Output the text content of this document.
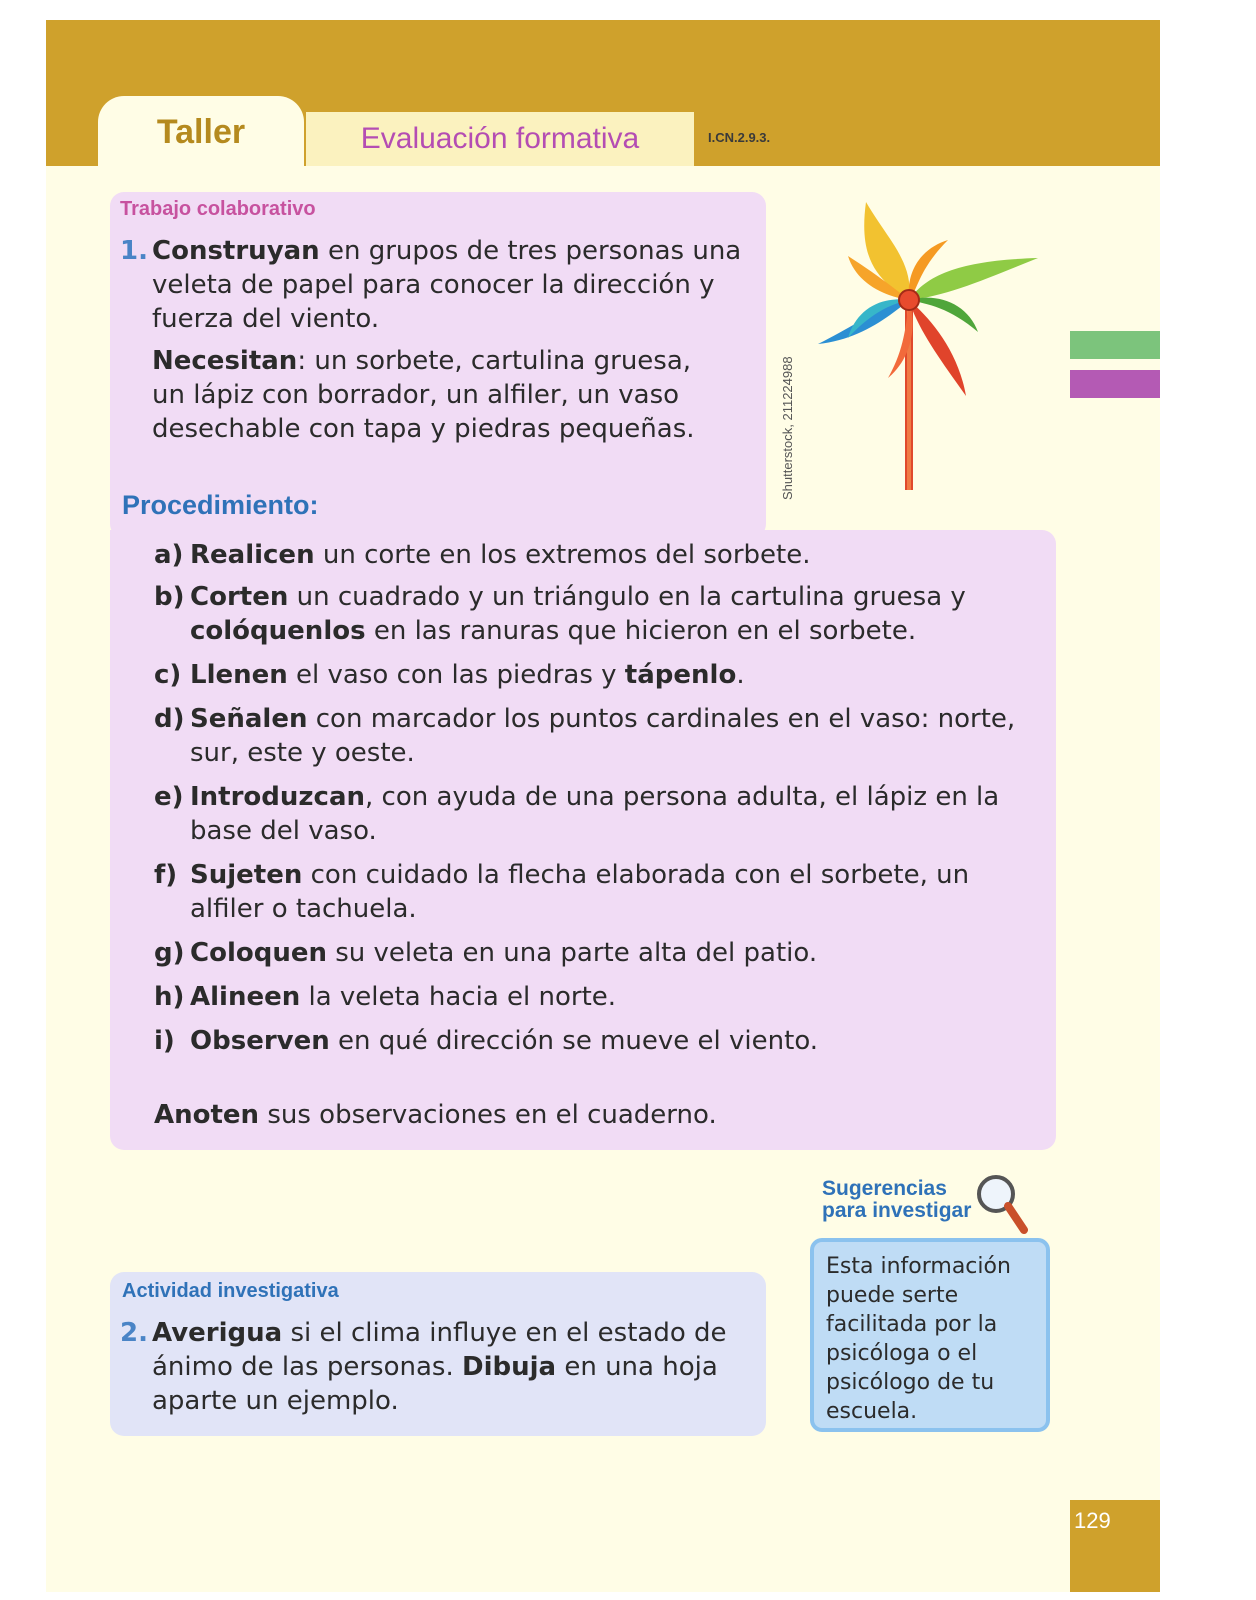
Taller	Evaluación formativa	I.CN.2.9.3.
Trabajo colaborativo
1. Construyan en grupos de tres personas una
veleta de papel para conocer la dirección y
fuerza del viento.
Necesitan: un sorbete, cartulina gruesa,
un lápiz con borrador, un alfiler, un vaso
desechable con tapa y piedras pequeñas.	Shutterstock, 211224988
Procedimiento:
a) Realicen un corte en los extremos del sorbete.
b) Corten un cuadrado y un triángulo en la cartulina gruesa y
colóquenlos en las ranuras que hicieron en el sorbete.
c) Llenen el vaso con las piedras y tápenlo.
d) Señalen con marcador los puntos cardinales en el vaso: norte,
sur, este y oeste.
e) Introduzcan, con ayuda de una persona adulta, el lápiz en la
base del vaso.
f) Sujeten con cuidado la flecha elaborada con el sorbete, un
alfiler o tachuela.
g) Coloquen su veleta en una parte alta del patio.
h) Alineen la veleta hacia el norte.
i) Observen en qué dirección se mueve el viento.
Anoten sus observaciones en el cuaderno.
Sugerencias
para investigar
Esta información puede serte facilitada por la psicóloga o el psicólogo de tu escuela.
Actividad investigativa
2. Averigua si el clima influye en el estado de
ánimo de las personas. Dibuja en una hoja
aparte un ejemplo.
129
